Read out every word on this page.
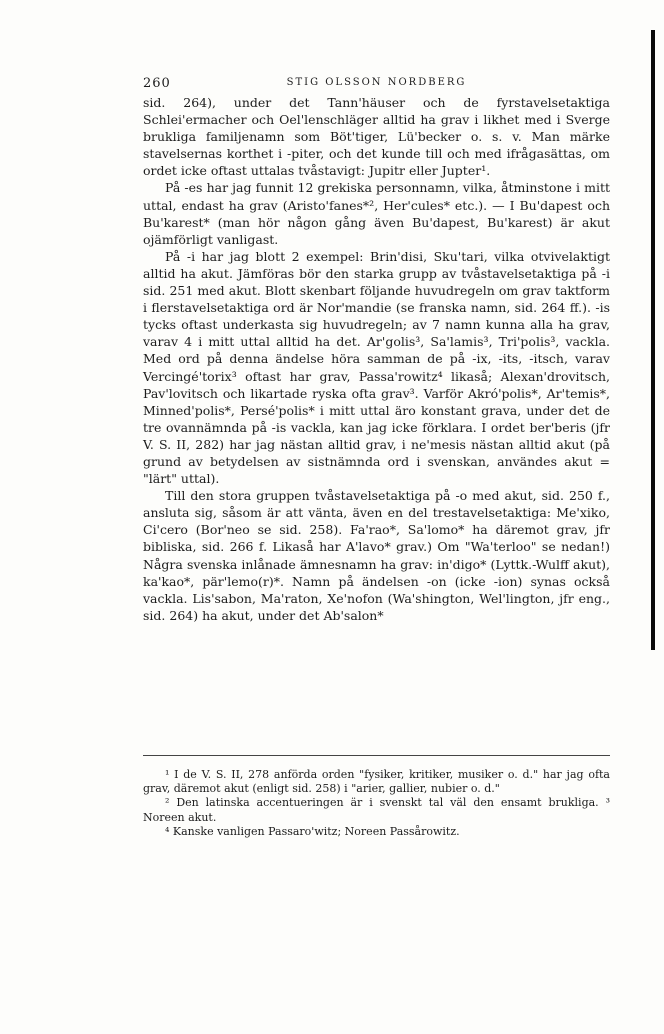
260	STIG OLSSON NORDBERG

sid. 264), under det Tann'häuser och de fyrstavelsetaktiga Schlei'ermacher och Oel'lenschläger alltid ha grav i likhet med i Sverge brukliga familjenamn som Böt'tiger, Lü'becker o. s. v. Man märke stavelsernas korthet i -piter, och det kunde till och med ifrågasättas, om ordet icke oftast uttalas tvåstavigt: Jupitr eller Jupter¹.

På -es har jag funnit 12 grekiska personnamn, vilka, åtminstone i mitt uttal, endast ha grav (Aristo'fanes*², Her'cules* etc.). — I Bu'dapest och Bu'karest* (man hör någon gång även Bu'dapest, Bu'karest) är akut ojämförligt vanligast.

På -i har jag blott 2 exempel: Brin'disi, Sku'tari, vilka otvivelaktigt alltid ha akut. Jämföras bör den starka grupp av tvåstavelsetaktiga på -i sid. 251 med akut. Blott skenbart följande huvudregeln om grav taktform i flerstavelsetaktiga ord är Nor'mandie (se franska namn, sid. 264 ff.). -is tycks oftast underkasta sig huvudregeln; av 7 namn kunna alla ha grav, varav 4 i mitt uttal alltid ha det. Ar'golis³, Sa'lamis³, Tri'polis³, vackla. Med ord på denna ändelse höra samman de på -ix, -its, -itsch, varav Vercingé'torix³ oftast har grav, Passa'rowitz⁴ likaså; Alexan'drovitsch, Pav'lovitsch och likartade ryska ofta grav³. Varför Akró'polis*, Ar'temis*, Minned'polis*, Persé'polis* i mitt uttal äro konstant grava, under det de tre ovannämnda på -is vackla, kan jag icke förklara. I ordet ber'beris (jfr V. S. II, 282) har jag nästan alltid grav, i ne'mesis nästan alltid akut (på grund av betydelsen av sistnämnda ord i svenskan, användes akut = "lärt" uttal).

Till den stora gruppen tvåstavelsetaktiga på -o med akut, sid. 250 f., ansluta sig, såsom är att vänta, även en del trestavelsetaktiga: Me'xiko, Ci'cero (Bor'neo se sid. 258). Fa'rao*, Sa'lomo* ha däremot grav, jfr bibliska, sid. 266 f. Likaså har A'lavo* grav.) Om "Wa'terloo" se nedan!) Några svenska inlånade ämnesnamn ha grav: in'digo* (Lyttk.-Wulff akut), ka'kao*, pär'lemo(r)*. Namn på ändelsen -on (icke -ion) synas också vackla. Lis'sabon, Ma'raton, Xe'nofon (Wa'shington, Wel'lington, jfr eng., sid. 264) ha akut, under det Ab'salon*

¹ I de V. S. II, 278 anförda orden "fysiker, kritiker, musiker o. d." har jag ofta grav, däremot akut (enligt sid. 258) i "arier, gallier, nubier o. d."

² Den latinska accentueringen är i svenskt tal väl den ensamt brukliga. ³ Noreen akut.

⁴ Kanske vanligen Passaro'witz; Noreen Passårowitz.
